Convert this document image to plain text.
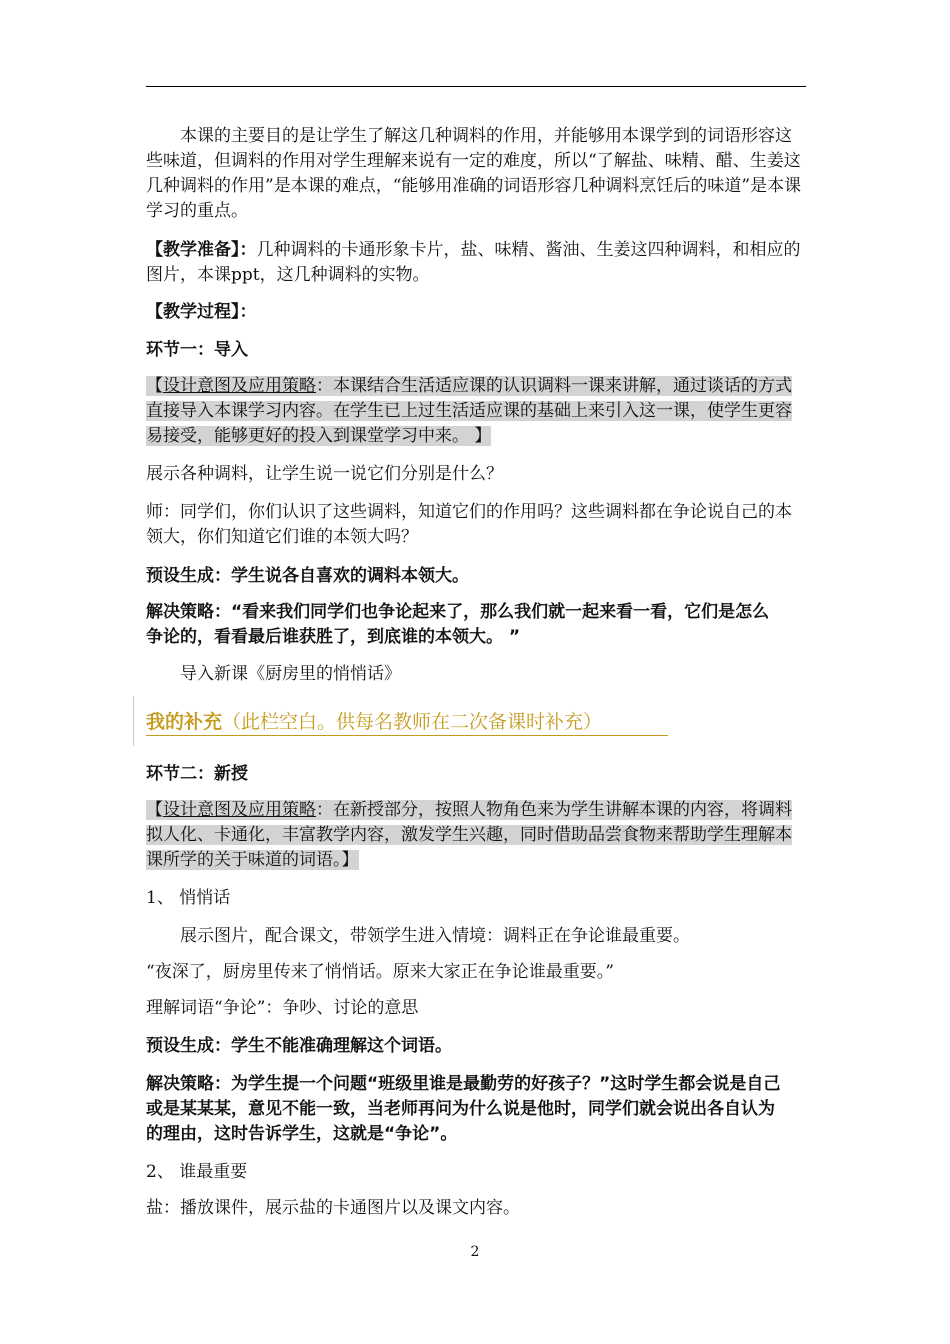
本课的主要目的是让学生了解这几种调料的作用，并能够用本课学到的词语形容这些味道，但调料的作用对学生理解来说有一定的难度，所以“了解盐、味精、醋、生姜这几种调料的作用”是本课的难点，“能够用准确的词语形容几种调料烹饪后的味道”是本课学习的重点。

【教学准备】：几种调料的卡通形象卡片，盐、味精、酱油、生姜这四种调料，和相应的图片，本课ppt，这几种调料的实物。

【教学过程】：

环节一：导入

【设计意图及应用策略：本课结合生活适应课的认识调料一课来讲解，通过谈话的方式直接导入本课学习内容。在学生已上过生活适应课的基础上来引入这一课，使学生更容易接受，能够更好的投入到课堂学习中来。 】

展示各种调料，让学生说一说它们分别是什么？

师：同学们，你们认识了这些调料，知道它们的作用吗？这些调料都在争论说自己的本领大，你们知道它们谁的本领大吗？

预设生成：学生说各自喜欢的调料本领大。

解决策略：“看来我们同学们也争论起来了，那么我们就一起来看一看，它们是怎么争论的，看看最后谁获胜了，到底谁的本领大。 ”

导入新课《厨房里的悄悄话》

我的补充（此栏空白。供每名教师在二次备课时补充）

环节二：新授

【设计意图及应用策略：在新授部分，按照人物角色来为学生讲解本课的内容，将调料拟人化、卡通化，丰富教学内容，激发学生兴趣，同时借助品尝食物来帮助学生理解本课所学的关于味道的词语。】

1、 悄悄话

展示图片，配合课文，带领学生进入情境：调料正在争论谁最重要。

“夜深了，厨房里传来了悄悄话。原来大家正在争论谁最重要。”

理解词语“争论”：争吵、讨论的意思

预设生成：学生不能准确理解这个词语。

解决策略：为学生提一个问题“班级里谁是最勤劳的好孩子？”这时学生都会说是自己或是某某某，意见不能一致，当老师再问为什么说是他时，同学们就会说出各自认为的理由，这时告诉学生，这就是“争论”。

2、 谁最重要

盐：播放课件，展示盐的卡通图片以及课文内容。

2
